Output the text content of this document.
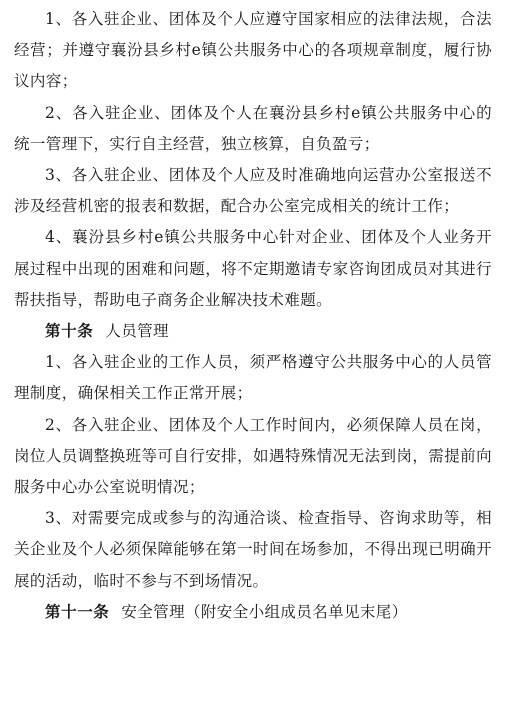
1、各入驻企业、团体及个人应遵守国家相应的法律法规，合法经营；并遵守襄汾县乡村e镇公共服务中心的各项规章制度，履行协议内容；

2、各入驻企业、团体及个人在襄汾县乡村e镇公共服务中心的统一管理下，实行自主经营，独立核算，自负盈亏；

3、各入驻企业、团体及个人应及时准确地向运营办公室报送不涉及经营机密的报表和数据，配合办公室完成相关的统计工作；

4、襄汾县乡村e镇公共服务中心针对企业、团体及个人业务开展过程中出现的困难和问题，将不定期邀请专家咨询团成员对其进行帮扶指导，帮助电子商务企业解决技术难题。

第十条 人员管理

1、各入驻企业的工作人员，须严格遵守公共服务中心的人员管理制度，确保相关工作正常开展；

2、各入驻企业、团体及个人工作时间内，必须保障人员在岗，岗位人员调整换班等可自行安排，如遇特殊情况无法到岗，需提前向服务中心办公室说明情况；

3、对需要完成或参与的沟通洽谈、检查指导、咨询求助等，相关企业及个人必须保障能够在第一时间在场参加，不得出现已明确开展的活动，临时不参与不到场情况。

第十一条 安全管理（附安全小组成员名单见末尾）
